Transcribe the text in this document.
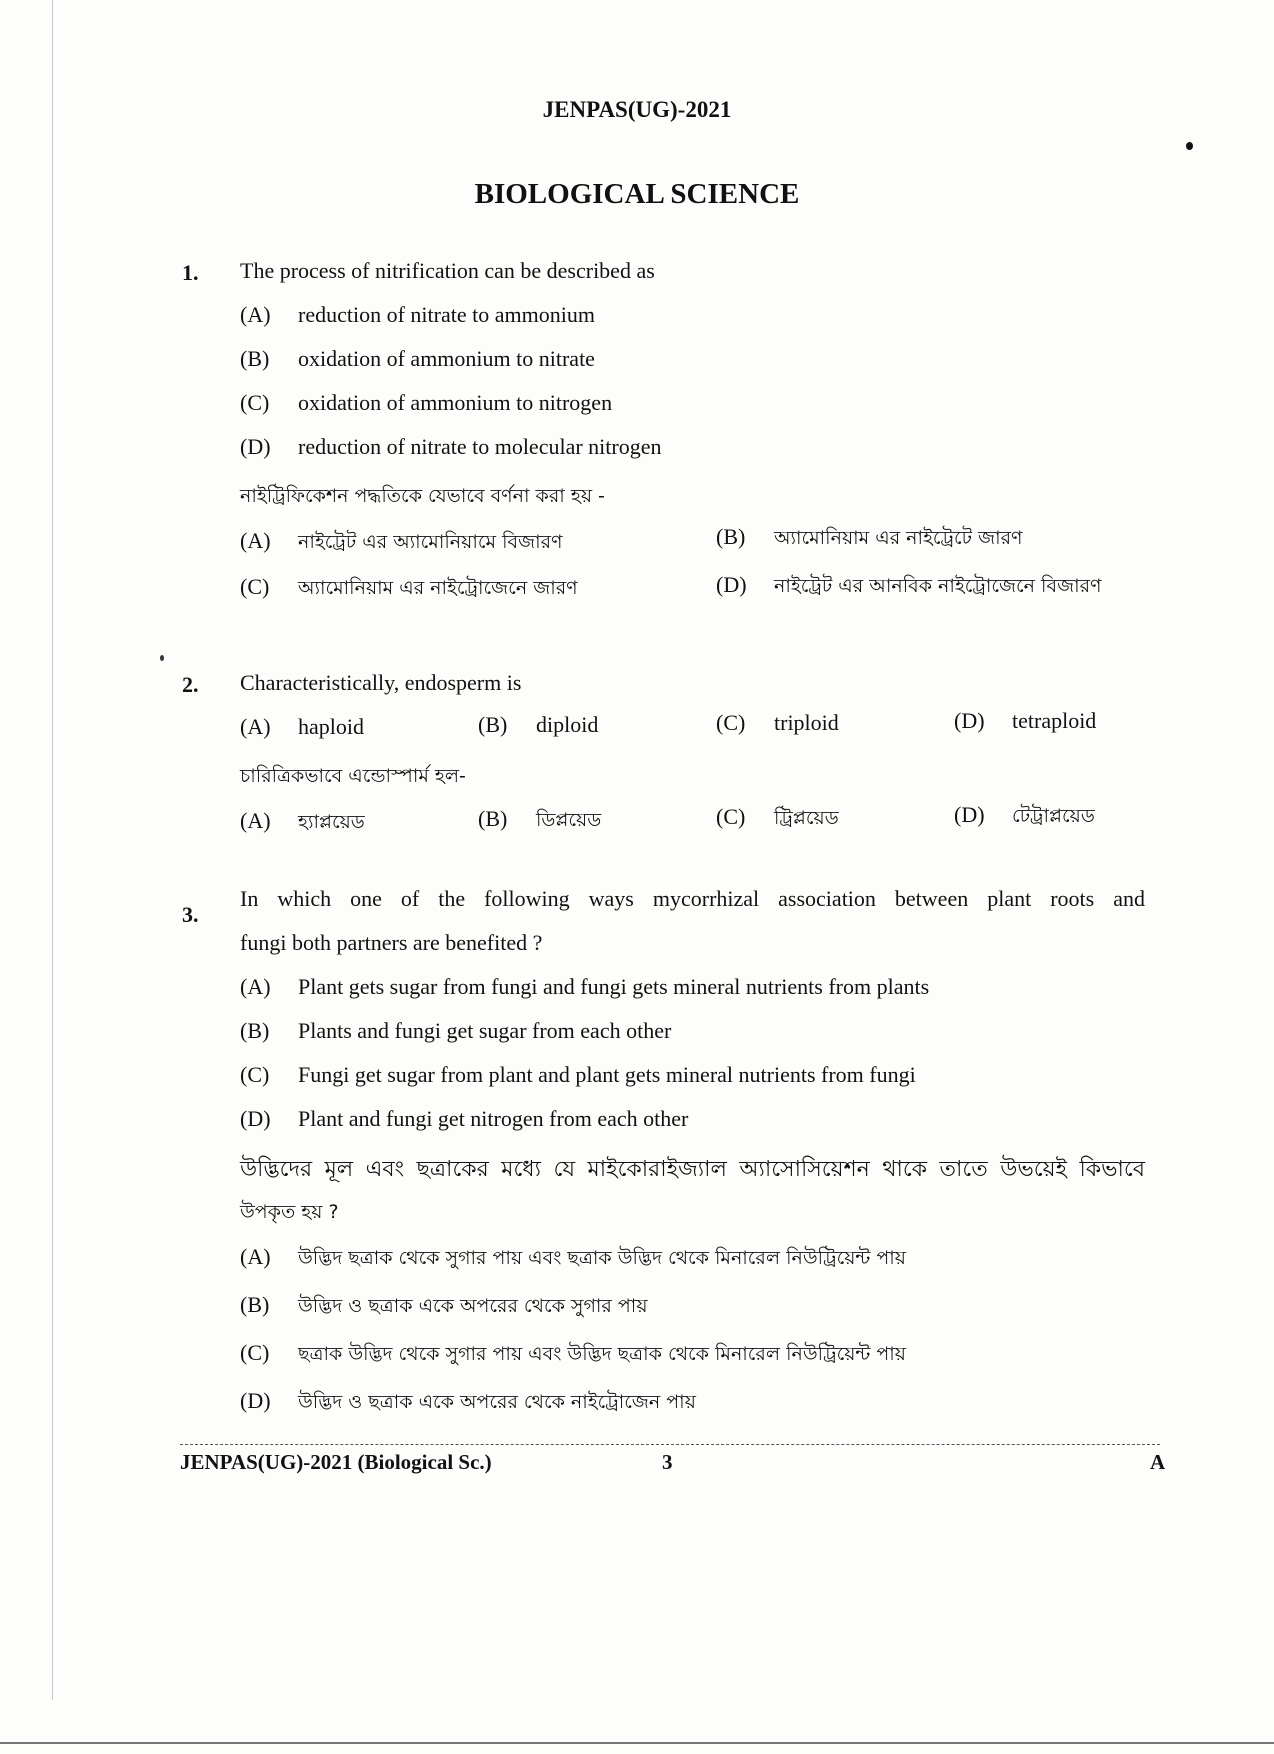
JENPAS(UG)-2021
BIOLOGICAL SCIENCE
1. The process of nitrification can be described as
(A) reduction of nitrate to ammonium
(B) oxidation of ammonium to nitrate
(C) oxidation of ammonium to nitrogen
(D) reduction of nitrate to molecular nitrogen
নাইট্রিফিকেশন পদ্ধতিকে যেভাবে বর্ণনা করা হয় -
(A) নাইট্রেট এর অ্যামোনিয়ামে বিজারণ	(B) অ্যামোনিয়াম এর নাইট্রেটে জারণ
(C) অ্যামোনিয়াম এর নাইট্রোজেনে জারণ	(D) নাইট্রেট এর আনবিক নাইট্রোজেনে বিজারণ
2. Characteristically, endosperm is
(A) haploid	(B) diploid	(C) triploid	(D) tetraploid
চারিত্রিকভাবে এন্ডোস্পার্ম হল-
(A) হ্যাপ্লয়েড	(B) ডিপ্লয়েড	(C) ট্রিপ্লয়েড	(D) টেট্রাপ্লয়েড
3.
In which one of the following ways mycorrhizal association between plant roots and
fungi both partners are benefited ?
(A) Plant gets sugar from fungi and fungi gets mineral nutrients from plants
(B) Plants and fungi get sugar from each other
(C) Fungi get sugar from plant and plant gets mineral nutrients from fungi
(D) Plant and fungi get nitrogen from each other
উদ্ভিদের মূল এবং ছত্রাকের মধ্যে যে মাইকোরাইজ্যাল অ্যাসোসিয়েশন থাকে তাতে উভয়েই কিভাবে
উপকৃত হয় ?
(A) উদ্ভিদ ছত্রাক থেকে সুগার পায় এবং ছত্রাক উদ্ভিদ থেকে মিনারেল নিউট্রিয়েন্ট পায়
(B) উদ্ভিদ ও ছত্রাক একে অপরের থেকে সুগার পায়
(C) ছত্রাক উদ্ভিদ থেকে সুগার পায় এবং উদ্ভিদ ছত্রাক থেকে মিনারেল নিউট্রিয়েন্ট পায়
(D) উদ্ভিদ ও ছত্রাক একে অপরের থেকে নাইট্রোজেন পায়
JENPAS(UG)-2021 (Biological Sc.)	3	A
